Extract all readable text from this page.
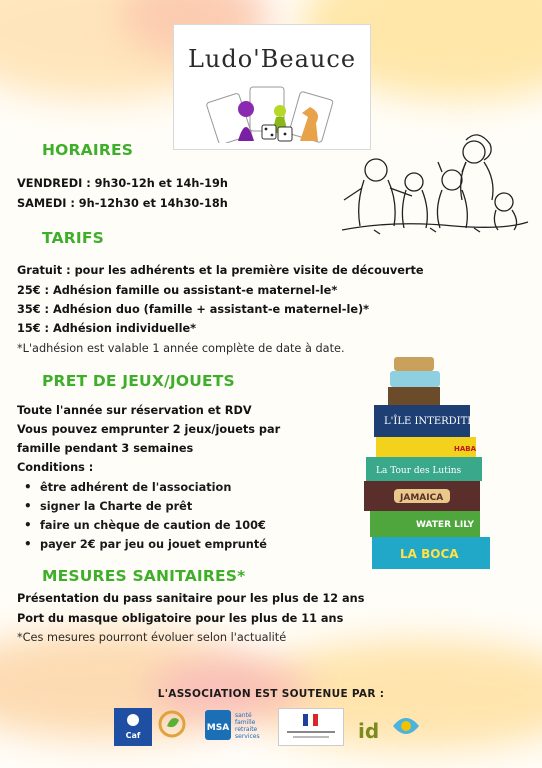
Ludo'Beauce
HORAIRES
VENDREDI : 9h30-12h et 14h-19h
SAMEDI : 9h-12h30 et 14h30-18h
TARIFS
Gratuit : pour les adhérents et la première visite de découverte
25€ : Adhésion famille ou assistant-e maternel-le*
35€ : Adhésion duo (famille + assistant-e maternel-le)*
15€ : Adhésion individuelle*
*L'adhésion est valable 1 année complète de date à date.
PRET DE JEUX/JOUETS
Toute l'année sur réservation et RDV
Vous pouvez emprunter 2 jeux/jouets par
famille pendant 3 semaines
Conditions :
• être adhérent de l'association
• signer la Charte de prêt
• faire un chèque de caution de 100€
• payer 2€ par jeu ou jouet emprunté
L'ÎLE INTERDITE
HABA
La Tour des Lutins
JAMAICA
WATER LILY
LA BOCA
MESURES SANITAIRES*
Présentation du pass sanitaire pour les plus de 12 ans
Port du masque obligatoire pour les plus de 11 ans
*Ces mesures pourront évoluer selon l'actualité
L'ASSOCIATION EST SOUTENUE PAR :
Caf
MSA
santé
famille
retraite
services	id
